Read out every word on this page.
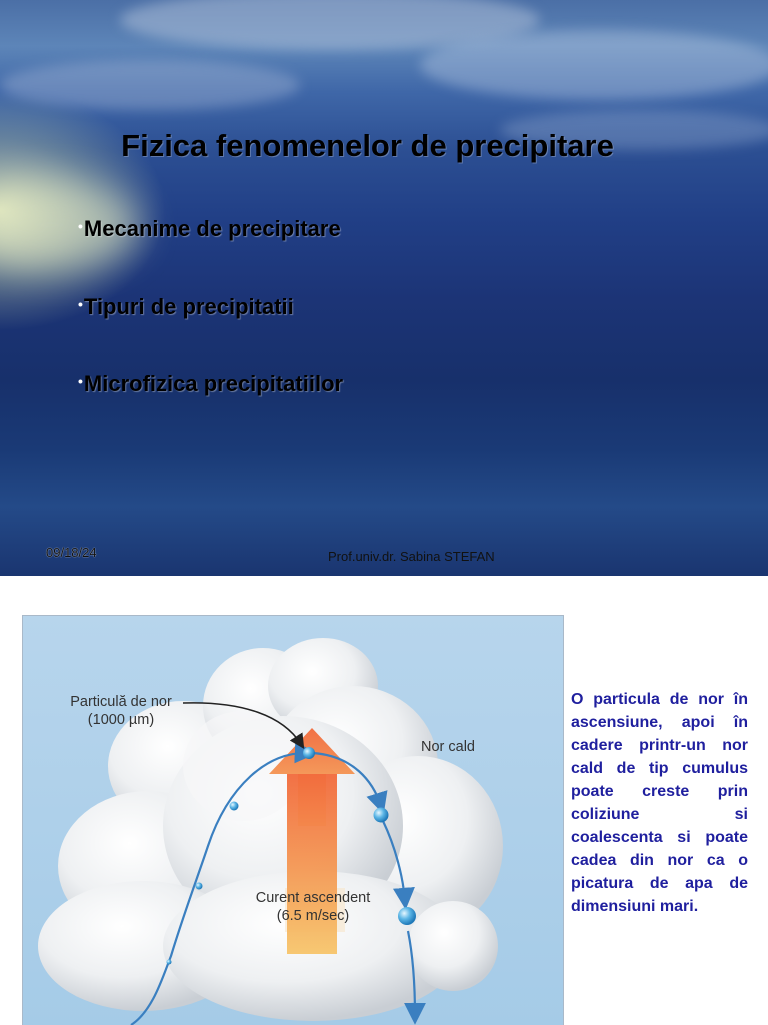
Fizica fenomenelor de precipitare
•Mecanime de precipitare
•Tipuri de precipitatii
•Microfizica precipitatiilor
09/18/24	Prof.univ.dr. Sabina STEFAN
Particulă de nor
(1000 µm)
Nor cald
Curent ascendent
(6.5 m/sec)
O particula de nor în ascensiune, apoi în cadere printr-un nor cald de tip cumulus poate creste prin coliziune si coalescenta si poate cadea din nor ca o picatura de apa de dimensiuni mari.
